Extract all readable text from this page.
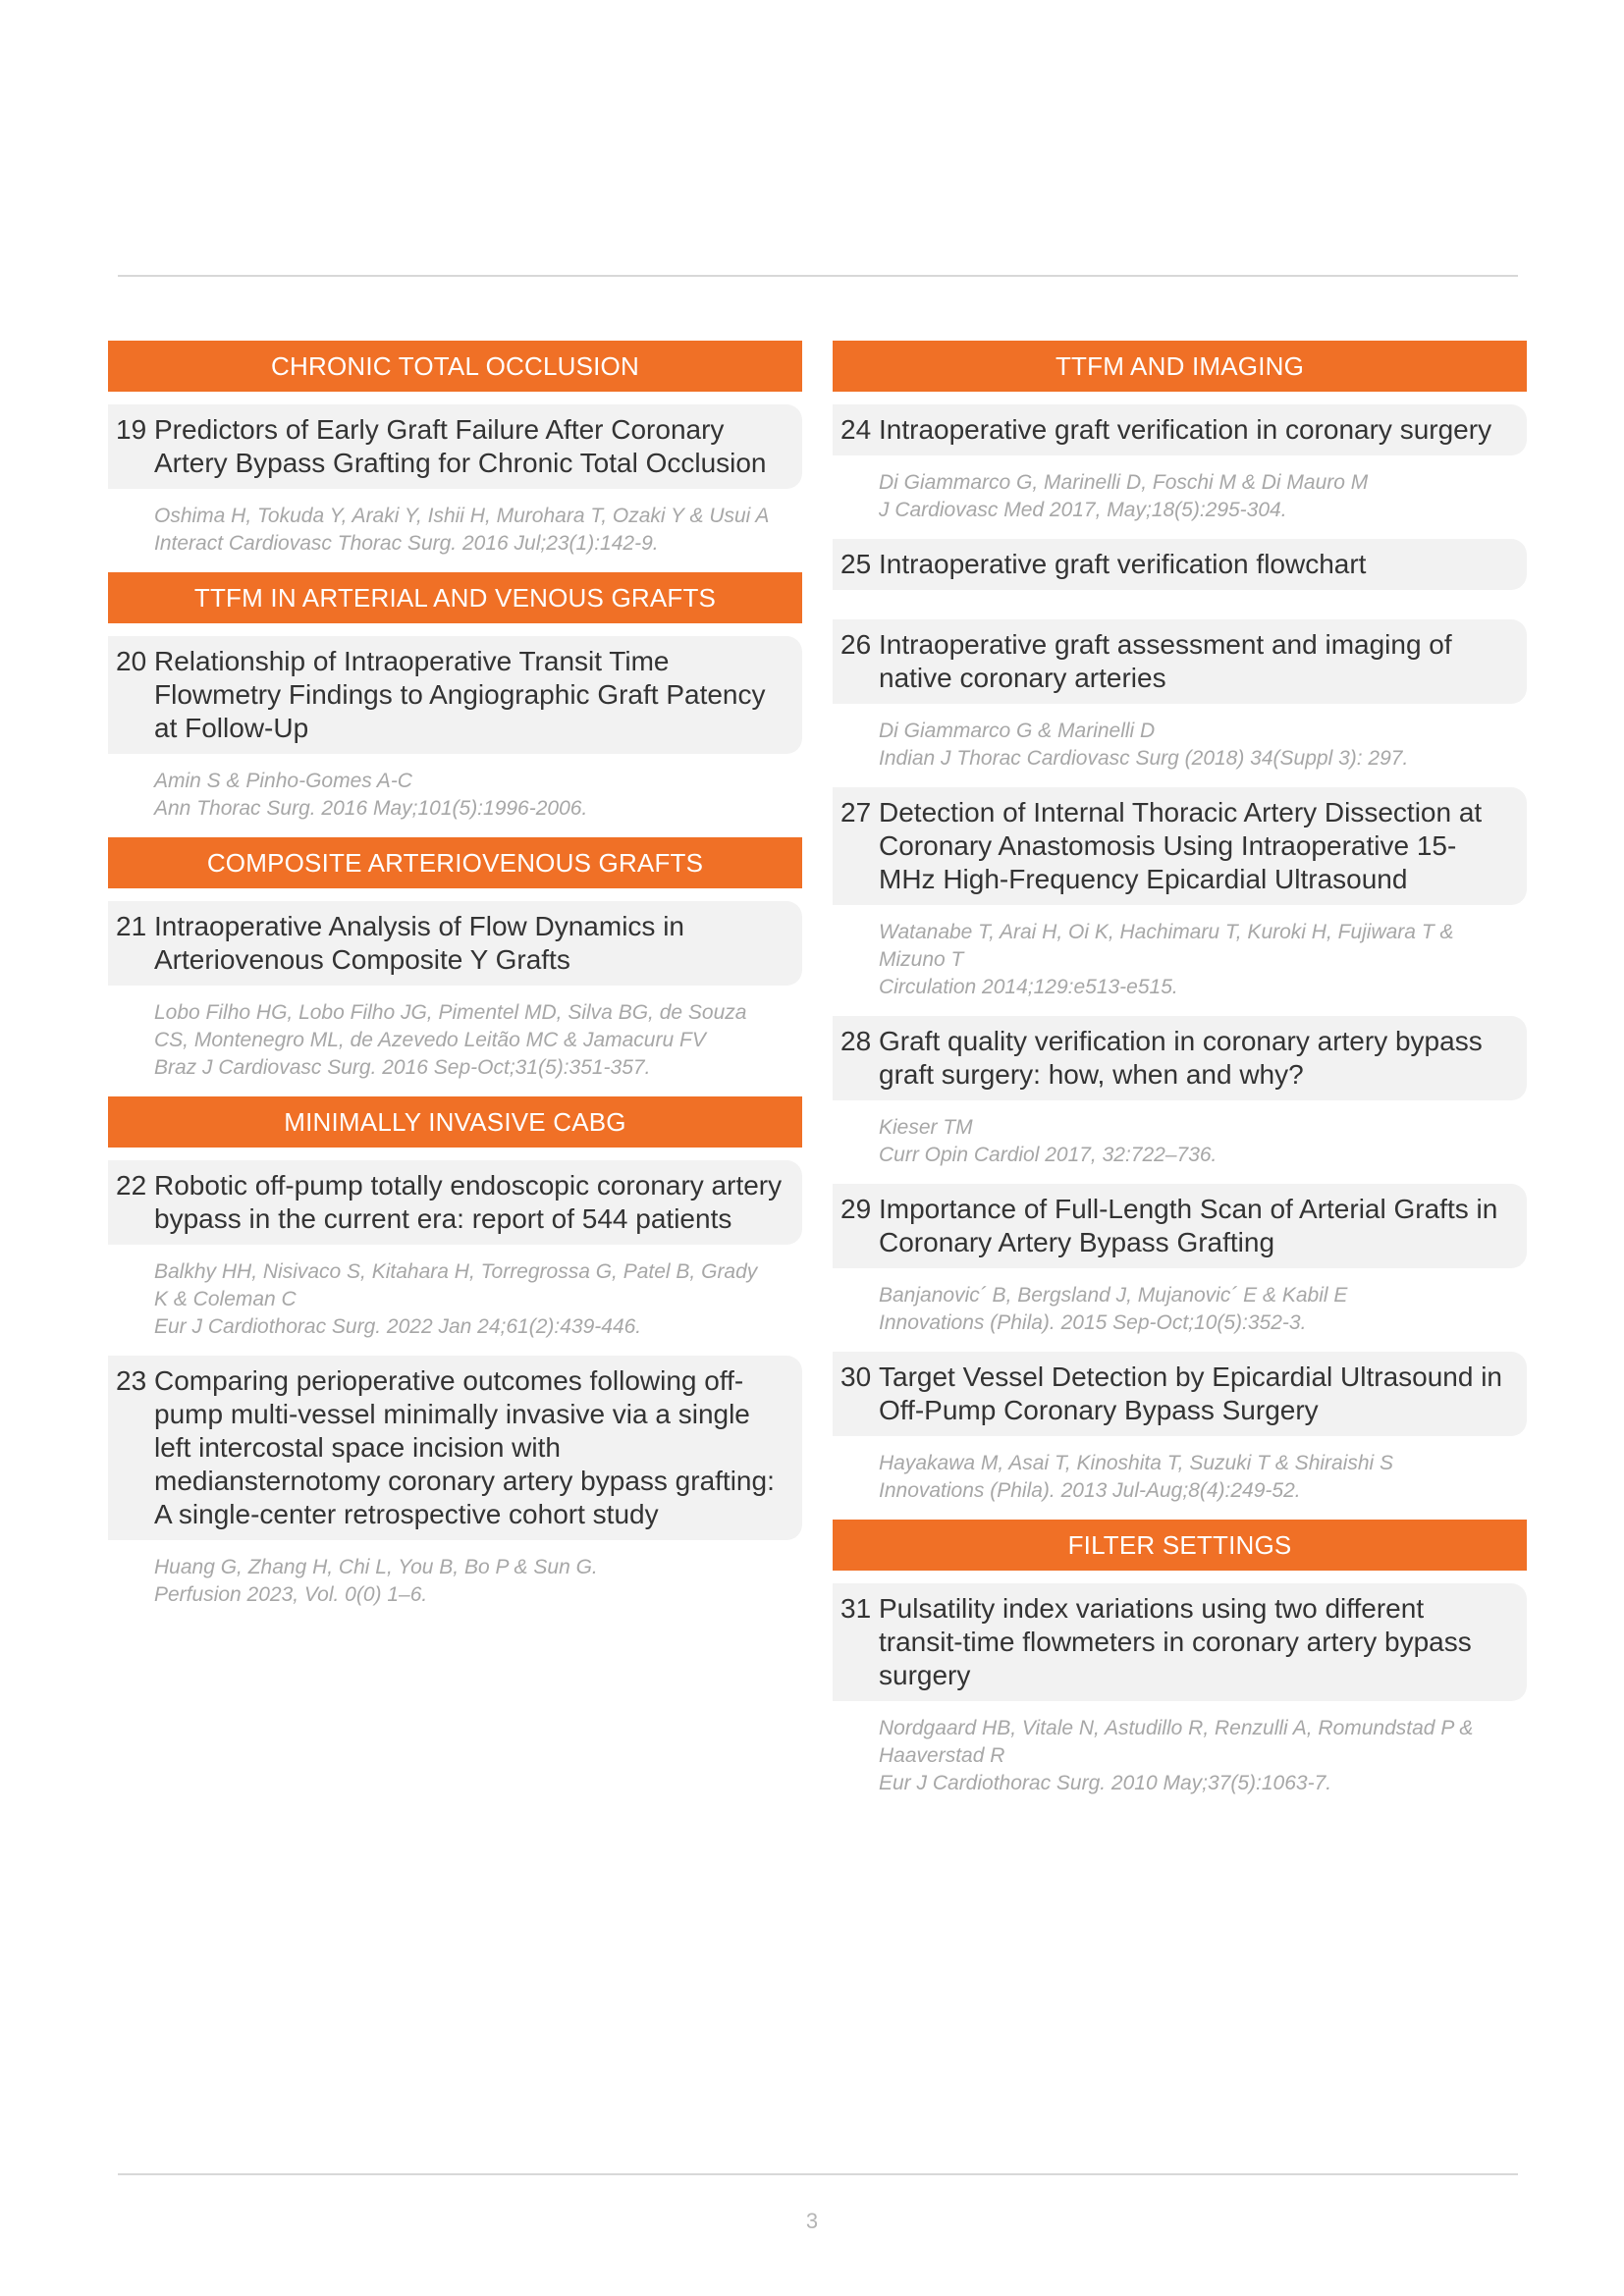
CHRONIC TOTAL OCCLUSION
19 Predictors of Early Graft Failure After Coronary Artery Bypass Grafting for Chronic Total Occlusion
Oshima H, Tokuda Y, Araki Y, Ishii H, Murohara T, Ozaki Y & Usui A
Interact Cardiovasc Thorac Surg. 2016 Jul;23(1):142-9.
TTFM IN ARTERIAL AND VENOUS GRAFTS
20 Relationship of Intraoperative Transit Time Flowmetry Findings to Angiographic Graft Patency at Follow-Up
Amin S & Pinho-Gomes A-C
Ann Thorac Surg. 2016 May;101(5):1996-2006.
COMPOSITE ARTERIOVENOUS GRAFTS
21 Intraoperative Analysis of Flow Dynamics in Arteriovenous Composite Y Grafts
Lobo Filho HG, Lobo Filho JG, Pimentel MD, Silva BG, de Souza CS, Montenegro ML, de Azevedo Leitão MC & Jamacuru FV
Braz J Cardiovasc Surg. 2016 Sep-Oct;31(5):351-357.
MINIMALLY INVASIVE CABG
22 Robotic off-pump totally endoscopic coronary artery bypass in the current era: report of 544 patients
Balkhy HH, Nisivaco S, Kitahara H, Torregrossa G, Patel B, Grady K & Coleman C
Eur J Cardiothorac Surg. 2022 Jan 24;61(2):439-446.
23 Comparing perioperative outcomes following off-pump multi-vessel minimally invasive via a single left intercostal space incision with mediansternotomy coronary artery bypass grafting: A single-center retrospective cohort study
Huang G, Zhang H, Chi L, You B, Bo P & Sun G.
Perfusion 2023, Vol. 0(0) 1–6.
TTFM AND IMAGING
24 Intraoperative graft verification in coronary surgery
Di Giammarco G, Marinelli D, Foschi M & Di Mauro M
J Cardiovasc Med 2017, May;18(5):295-304.
25 Intraoperative graft verification flowchart
26 Intraoperative graft assessment and imaging of native coronary arteries
Di Giammarco G & Marinelli D
Indian J Thorac Cardiovasc Surg (2018) 34(Suppl 3): 297.
27 Detection of Internal Thoracic Artery Dissection at Coronary Anastomosis Using Intraoperative 15-MHz High-Frequency Epicardial Ultrasound
Watanabe T, Arai H, Oi K, Hachimaru T, Kuroki H, Fujiwara T & Mizuno T
Circulation 2014;129:e513-e515.
28 Graft quality verification in coronary artery bypass graft surgery: how, when and why?
Kieser TM
Curr Opin Cardiol 2017, 32:722–736.
29 Importance of Full-Length Scan of Arterial Grafts in Coronary Artery Bypass Grafting
Banjanovic´ B, Bergsland J, Mujanovic´ E & Kabil E
Innovations (Phila). 2015 Sep-Oct;10(5):352-3.
30 Target Vessel Detection by Epicardial Ultrasound in Off-Pump Coronary Bypass Surgery
Hayakawa M, Asai T, Kinoshita T, Suzuki T & Shiraishi S
Innovations (Phila). 2013 Jul-Aug;8(4):249-52.
FILTER SETTINGS
31 Pulsatility index variations using two different transit-time flowmeters in coronary artery bypass surgery
Nordgaard HB, Vitale N, Astudillo R, Renzulli A, Romundstad P & Haaverstad R
Eur J Cardiothorac Surg. 2010 May;37(5):1063-7.
3
